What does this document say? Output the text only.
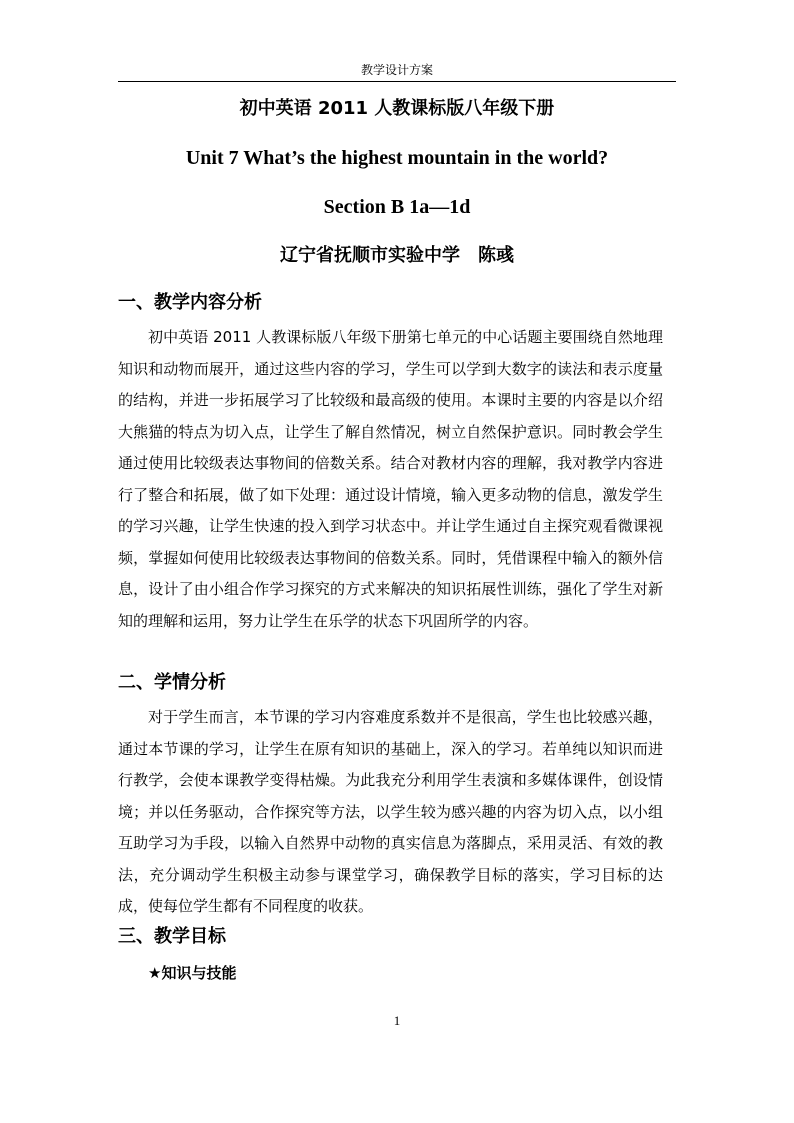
教学设计方案
初中英语 2011 人教课标版八年级下册
Unit 7 What’s the highest mountain in the world?
Section B 1a—1d
辽宁省抚顺市实验中学　陈彧
一、教学内容分析
初中英语 2011 人教课标版八年级下册第七单元的中心话题主要围绕自然地理知识和动物而展开，通过这些内容的学习，学生可以学到大数字的读法和表示度量的结构，并进一步拓展学习了比较级和最高级的使用。本课时主要的内容是以介绍大熊猫的特点为切入点，让学生了解自然情况，树立自然保护意识。同时教会学生通过使用比较级表达事物间的倍数关系。结合对教材内容的理解，我对教学内容进行了整合和拓展，做了如下处理：通过设计情境，输入更多动物的信息，激发学生的学习兴趣，让学生快速的投入到学习状态中。并让学生通过自主探究观看微课视频，掌握如何使用比较级表达事物间的倍数关系。同时，凭借课程中输入的额外信息，设计了由小组合作学习探究的方式来解决的知识拓展性训练，强化了学生对新知的理解和运用，努力让学生在乐学的状态下巩固所学的内容。
二、学情分析
对于学生而言，本节课的学习内容难度系数并不是很高，学生也比较感兴趣，通过本节课的学习，让学生在原有知识的基础上，深入的学习。若单纯以知识而进行教学，会使本课教学变得枯燥。为此我充分利用学生表演和多媒体课件，创设情境；并以任务驱动，合作探究等方法，以学生较为感兴趣的内容为切入点，以小组互助学习为手段，以输入自然界中动物的真实信息为落脚点，采用灵活、有效的教法，充分调动学生积极主动参与课堂学习，确保教学目标的落实，学习目标的达成，使每位学生都有不同程度的收获。
三、教学目标
★知识与技能
1
